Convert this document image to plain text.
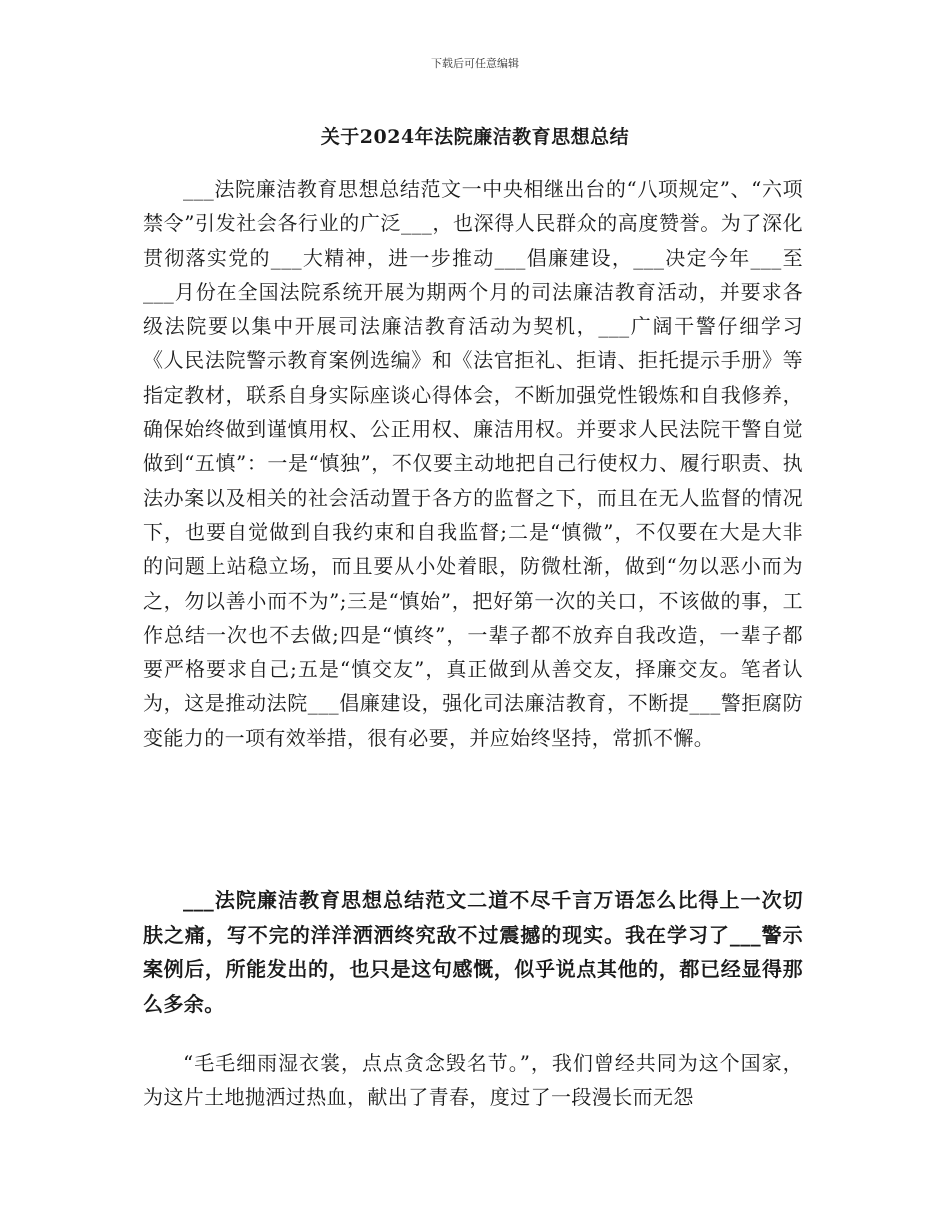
下载后可任意编辑
关于2024年法院廉洁教育思想总结

___法院廉洁教育思想总结范文一中央相继出台的“八项规定”、“六项禁令”引发社会各行业的广泛___，也深得人民群众的高度赞誉。为了深化贯彻落实党的___大精神，进一步推动___倡廉建设，___决定今年___至___月份在全国法院系统开展为期两个月的司法廉洁教育活动，并要求各级法院要以集中开展司法廉洁教育活动为契机，___广阔干警仔细学习《人民法院警示教育案例选编》和《法官拒礼、拒请、拒托提示手册》等指定教材，联系自身实际座谈心得体会，不断加强党性锻炼和自我修养，确保始终做到谨慎用权、公正用权、廉洁用权。并要求人民法院干警自觉做到“五慎”：一是“慎独”，不仅要主动地把自己行使权力、履行职责、执法办案以及相关的社会活动置于各方的监督之下，而且在无人监督的情况下，也要自觉做到自我约束和自我监督;二是“慎微”，不仅要在大是大非的问题上站稳立场，而且要从小处着眼，防微杜渐，做到“勿以恶小而为之，勿以善小而不为”;三是“慎始”，把好第一次的关口，不该做的事，工作总结一次也不去做;四是“慎终”，一辈子都不放弃自我改造，一辈子都要严格要求自己;五是“慎交友”，真正做到从善交友，择廉交友。笔者认为，这是推动法院___倡廉建设，强化司法廉洁教育，不断提___警拒腐防变能力的一项有效举措，很有必要，并应始终坚持，常抓不懈。

___法院廉洁教育思想总结范文二道不尽千言万语怎么比得上一次切肤之痛，写不完的洋洋洒洒终究敌不过震撼的现实。我在学习了___警示案例后，所能发出的，也只是这句感慨，似乎说点其他的，都已经显得那么多余。

“毛毛细雨湿衣裳，点点贪念毁名节。”，我们曾经共同为这个国家，为这片土地抛洒过热血，献出了青春，度过了一段漫长而无怨
